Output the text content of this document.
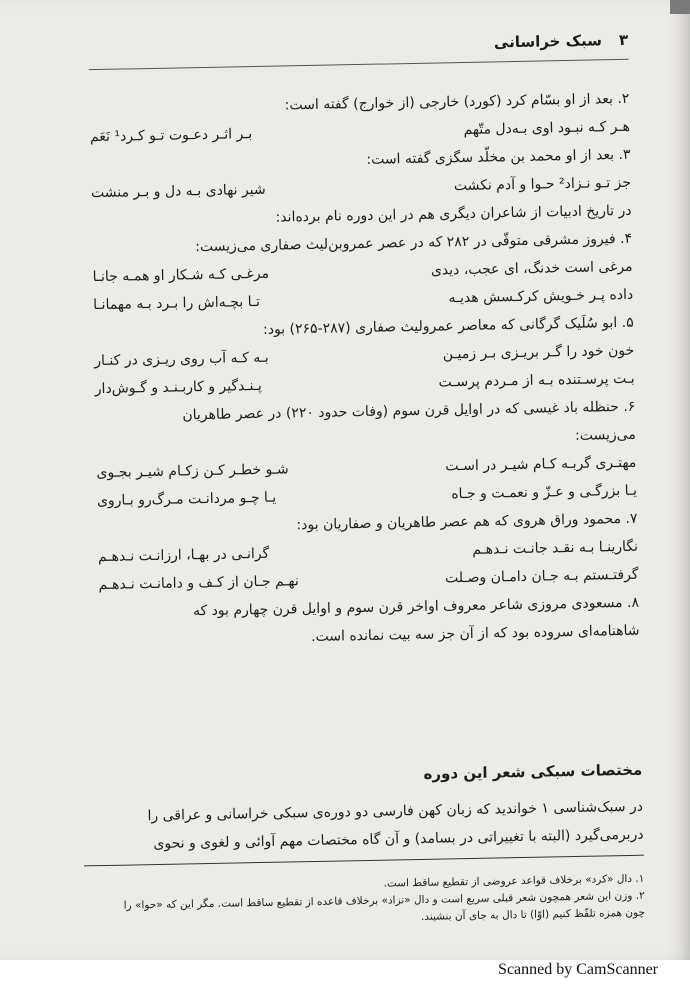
۳ سبک خراسانی

۲. بعد از او بسّام کرد (کورد) خارجی (از خوارج) گفته است:

هـر کـه نبـود اوی بـه‌دل متّهم
بـر اثـر دعـوت تـو کـرد¹ نَعَم

۳. بعد از او محمد بن مخلّد سگزی گفته است:

جز تـو نـزاد² حـوا و آدم نکشت
شیر نهادی بـه دل و بـر منشت

در تاریخ ادبیات از شاعران دیگری هم در این دوره نام برده‌اند:

۴. فیروز مشرقی متوفّی در ۲۸۲ که در عصر عمروبن‌لیث صفاری می‌زیست:

مرغی است خدنگ، ای عجب، دیدی
مرغـی کـه شـکار او همـه جانـا
داده پـر خـویش کرکـسش هدیـه
تـا بچـه‌اش را بـرد بـه مهمانـا

۵. ابو سُلَیک گرگانی که معاصر عمرولیث صفاری (۲۸۷-۲۶۵) بود:

خون خود را گـر بریـزی بـر زمیـن
بـه کـه آب روی ریـزی در کنـار
بـت پرسـتنده بـه از مـردم پرسـت
پـنـدگیر و کاربـنـد و گـوش‌دار

۶. حنظله باد غیسی که در اوایل قرن سوم (وفات حدود ۲۲۰) در عصر طاهریان

می‌زیست:

مهتـری گربـه کـام شیـر در اسـت
شـو خطـر کـن زکـام شیـر بجـوی
یـا بزرگـی و عـزّ و نعمـت و جـاه
یـا چـو مردانـت مـرگ‌رو بـاروی

۷. محمود وراق هروی که هم عصر طاهریان و صفاریان بود:

نگارینـا بـه نقـد جانـت نـدهـم
گرانـی در بهـا، ارزانـت نـدهـم
گرفتـستم بـه جـان دامـان وصـلت
نهـم جـان از کـف و دامانـت نـدهـم

۸. مسعودی مروزی شاعر معروف اواخر قرن سوم و اوایل قرن چهارم بود که

شاهنامه‌ای سروده بود که از آن جز سه بیت نمانده است.

مختصات سبکی شعر این دوره

در سبک‌شناسی ۱ خواندید که زبان کهن فارسی دو دوره‌ی سبکی خراسانی و عراقی را

دربرمی‌گیرد (البته با تغییراتی در بسامد) و آن گاه مختصات مهم آوائی و لغوی و نحوی

۱. دال «کرد» برخلاف قواعد عروضی از تقطیع ساقط است.

۲. وزن این شعر همچون شعر قبلی سریع است و دال «نزاد» برخلاف قاعده از تقطیع ساقط است. مگر این که «حوا» را چون همزه تلفّظ کنیم (اوّا) تا دال به جای آن بنشیند.

Scanned by CamScanner
